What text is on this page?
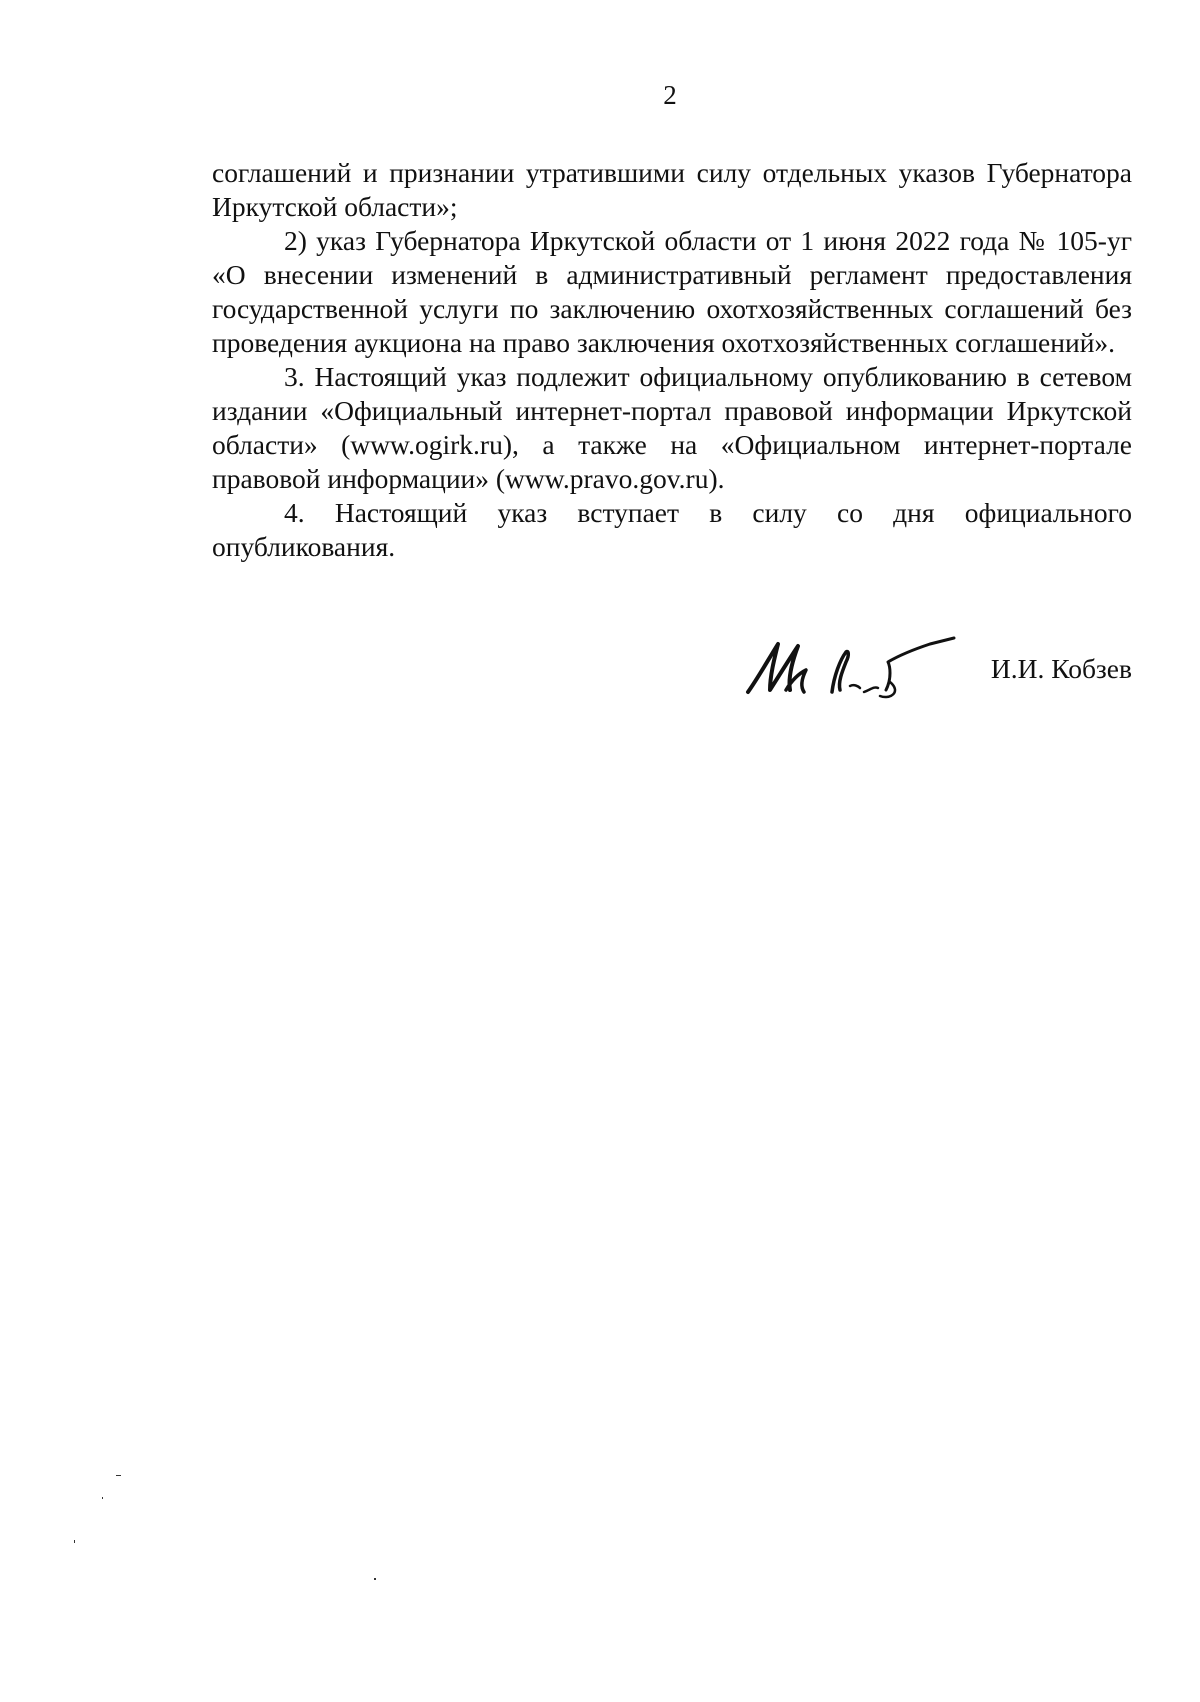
2

соглашений и признании утратившими силу отдельных указов Губернатора Иркутской области»;

2) указ Губернатора Иркутской области от 1 июня 2022 года № 105-уг «О внесении изменений в административный регламент предоставления государственной услуги по заключению охотхозяйственных соглашений без проведения аукциона на право заключения охотхозяйственных соглашений».

3. Настоящий указ подлежит официальному опубликованию в сетевом издании «Официальный интернет-портал правовой информации Иркутской области» (www.ogirk.ru), а также на «Официальном интернет-портале правовой информации» (www.pravo.gov.ru).

4. Настоящий указ вступает в силу со дня официального опубликования.

И.И. Кобзев
